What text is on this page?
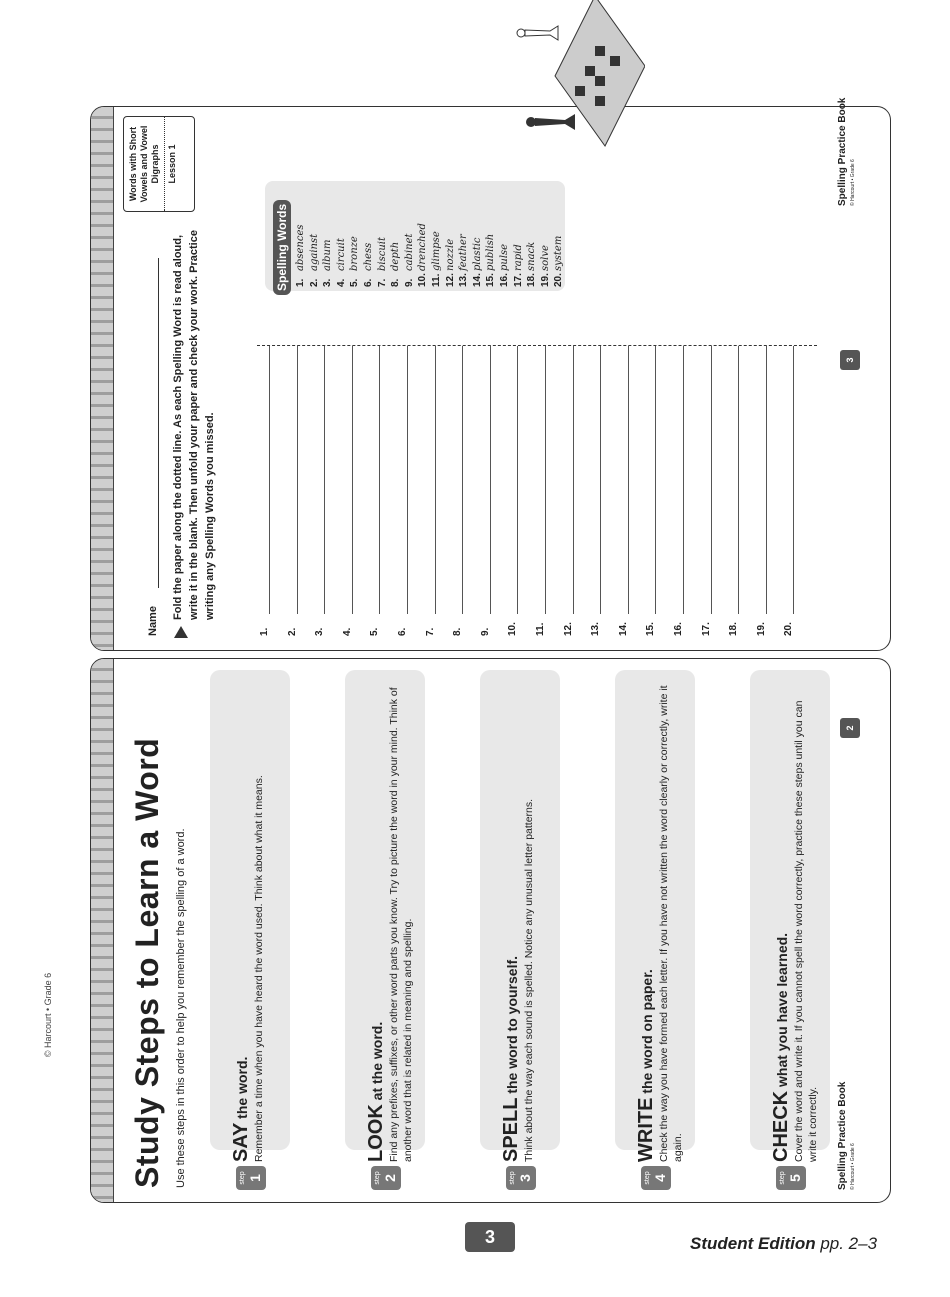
© Harcourt • Grade 6 Study Steps to Learn a Word Use these steps in this order to help you remember the spelling of a word.	step 1
SAY the word. Remember a time when you have heard the word used. Think about what it means.
step 2
LOOK at the word. Find any prefixes, suffixes, or other word parts you know. Try to picture the word in your mind. Think of another word that is related in meaning and spelling.
step 3
SPELL the word to yourself. Think about the way each sound is spelled. Notice any unusual letter patterns.
step 4
WRITE the word on paper. Check the way you have formed each letter. If you have not written the word clearly or correctly, write it again.
step 5
CHECK what you have learned. Cover the word and write it. If you cannot spell the word correctly, practice these steps until you can write it correctly.
2
Spelling Practice Book © Harcourt • Grade 6
Name
Fold the paper along the dotted line. As each Spelling Word is read aloud, write it in the blank. Then unfold your paper and check your work. Practice writing any Spelling Words you missed.
1. 2. 3. 4. 5. 6. 7. 8. 9. 10. 11. 12. 13. 14. 15. 16. 17. 18. 19. 20.
Spelling Words 1.absences
2.against
3.album
4.circuit
5.bronze
6.chess
7.biscuit
8.depth
9.cabinet
10.drenched
11.glimpse
12.nozzle
13.feather
14.plastic
15.publish
16.pulse
17.rapid
18.snack
19.solve
20.system
Words with Short Vowels and Vowel Digraphs Lesson 1
3
Spelling Practice Book © Harcourt • Grade 6
3	Student Edition pp. 2–3
